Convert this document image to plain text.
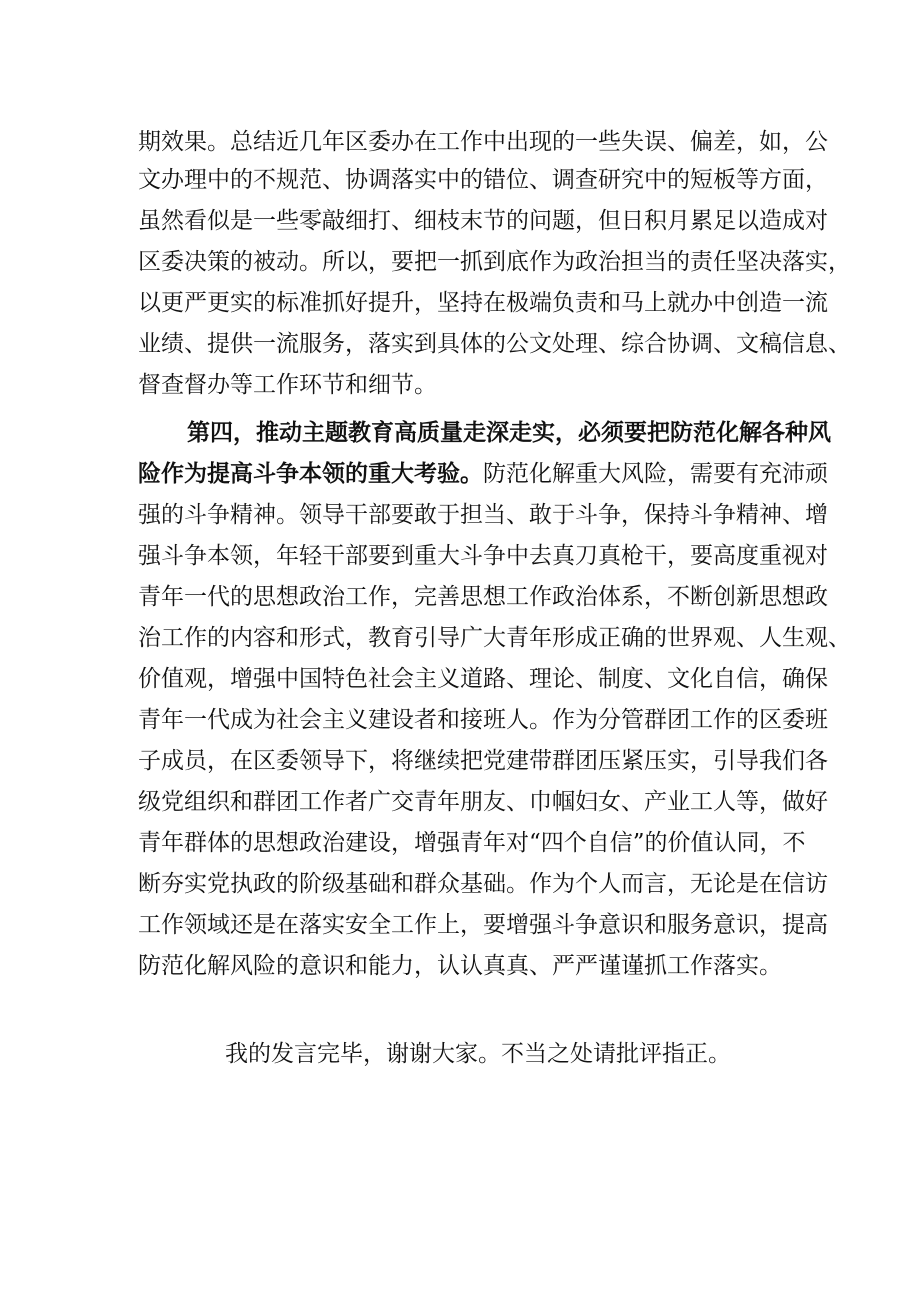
期效果。总结近几年区委办在工作中出现的一些失误、偏差，如，公
文办理中的不规范、协调落实中的错位、调查研究中的短板等方面，
虽然看似是一些零敲细打、细枝末节的问题，但日积月累足以造成对
区委决策的被动。所以，要把一抓到底作为政治担当的责任坚决落实，
以更严更实的标准抓好提升，坚持在极端负责和马上就办中创造一流
业绩、提供一流服务，落实到具体的公文处理、综合协调、文稿信息、
督查督办等工作环节和细节。
第四，推动主题教育高质量走深走实，必须要把防范化解各种风
险作为提高斗争本领的重大考验。防范化解重大风险，需要有充沛顽
强的斗争精神。领导干部要敢于担当、敢于斗争，保持斗争精神、增
强斗争本领，年轻干部要到重大斗争中去真刀真枪干，要高度重视对
青年一代的思想政治工作，完善思想工作政治体系，不断创新思想政
治工作的内容和形式，教育引导广大青年形成正确的世界观、人生观、
价值观，增强中国特色社会主义道路、理论、制度、文化自信，确保
青年一代成为社会主义建设者和接班人。作为分管群团工作的区委班
子成员，在区委领导下，将继续把党建带群团压紧压实，引导我们各
级党组织和群团工作者广交青年朋友、巾帼妇女、产业工人等，做好
青年群体的思想政治建设，增强青年对“四个自信”的价值认同，不
断夯实党执政的阶级基础和群众基础。作为个人而言，无论是在信访
工作领域还是在落实安全工作上，要增强斗争意识和服务意识，提高
防范化解风险的意识和能力，认认真真、严严谨谨抓工作落实。
我的发言完毕，谢谢大家。不当之处请批评指正。
